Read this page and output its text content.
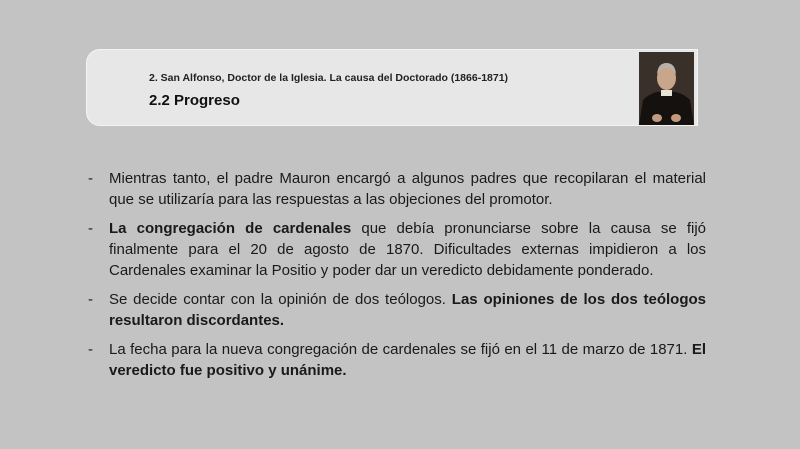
2. San Alfonso, Doctor de la Iglesia. La causa del Doctorado (1866-1871)
2.2 Progreso
- Mientras tanto, el padre Mauron encargó a algunos padres que recopilaran el material que se utilizaría para las respuestas a las objeciones del promotor.
- La congregación de cardenales que debía pronunciarse sobre la causa se fijó finalmente para el 20 de agosto de 1870. Dificultades externas impidieron a los Cardenales examinar la Positio y poder dar un veredicto debidamente ponderado.
- Se decide contar con la opinión de dos teólogos. Las opiniones de los dos teólogos resultaron discordantes.
- La fecha para la nueva congregación de cardenales se fijó en el 11 de marzo de 1871. El veredicto fue positivo y unánime.
